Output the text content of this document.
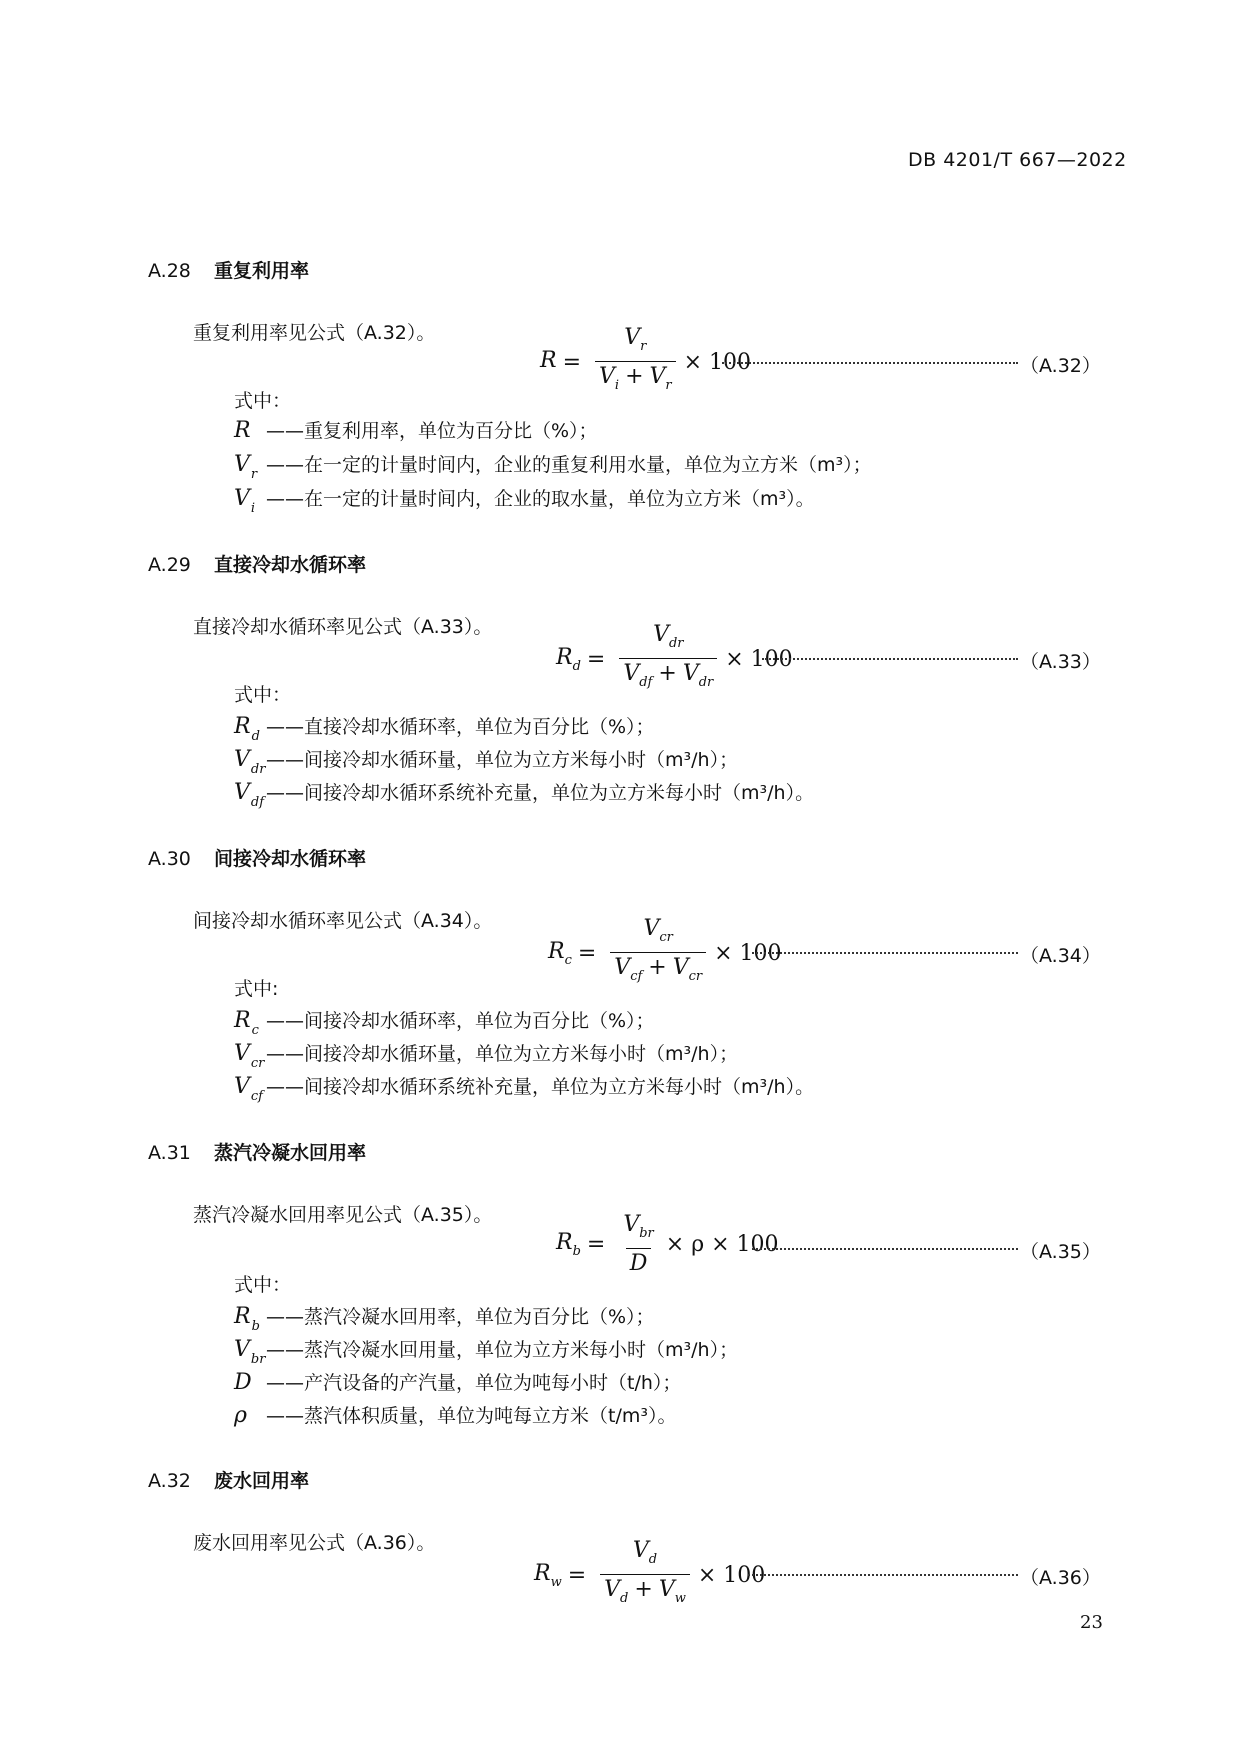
DB 4201/T 667—2022
A.28 重复利用率
重复利用率见公式（A.32）。
$R = \frac{V_r}{V_i + V_r} \times 100$	（A.32）
式中：
R ——重复利用率，单位为百分比（%）；
$V_r$ ——在一定的计量时间内，企业的重复利用水量，单位为立方米（m³）；
$V_i$ ——在一定的计量时间内，企业的取水量，单位为立方米（m³）。
A.29 直接冷却水循环率
直接冷却水循环率见公式（A.33）。
$R_d = \frac{V_{dr}}{V_{df} + V_{dr}} \times 100$	（A.33）
式中：
$R_d$ ——直接冷却水循环率，单位为百分比（%）；
$V_{dr}——$间接冷却水循环量，单位为立方米每小时（m³/h）；
$V_{df}$ ——间接冷却水循环系统补充量，单位为立方米每小时（m³/h）。
A.30 间接冷却水循环率
间接冷却水循环率见公式（A.34）。
$R_c = \frac{V_{cr}}{V_{cf} + V_{cr}} \times 100$	（A.34）
式中:
$R_c$ ——间接冷却水循环率，单位为百分比（%）；
$V_{cr}——$间接冷却水循环量，单位为立方米每小时（m³/h）；
$V_{cf}$ ——间接冷却水循环系统补充量，单位为立方米每小时（m³/h）。
A.31 蒸汽冷凝水回用率
蒸汽冷凝水回用率见公式（A.35）。
$R_b = \frac{V_{br}}{D} \times \rho \times 100$	（A.35）
式中：
$R_b$ ——蒸汽冷凝水回用率，单位为百分比（%）；
$V_{br}——$蒸汽冷凝水回用量，单位为立方米每小时（m³/h）；
D ——产汽设备的产汽量，单位为吨每小时（t/h）；
ρ ——蒸汽体积质量，单位为吨每立方米（t/m³）。
A.32 废水回用率
废水回用率见公式（A.36）。
$R_w = \frac{V_d}{V_d + V_w} \times 100$	（A.36）
23
